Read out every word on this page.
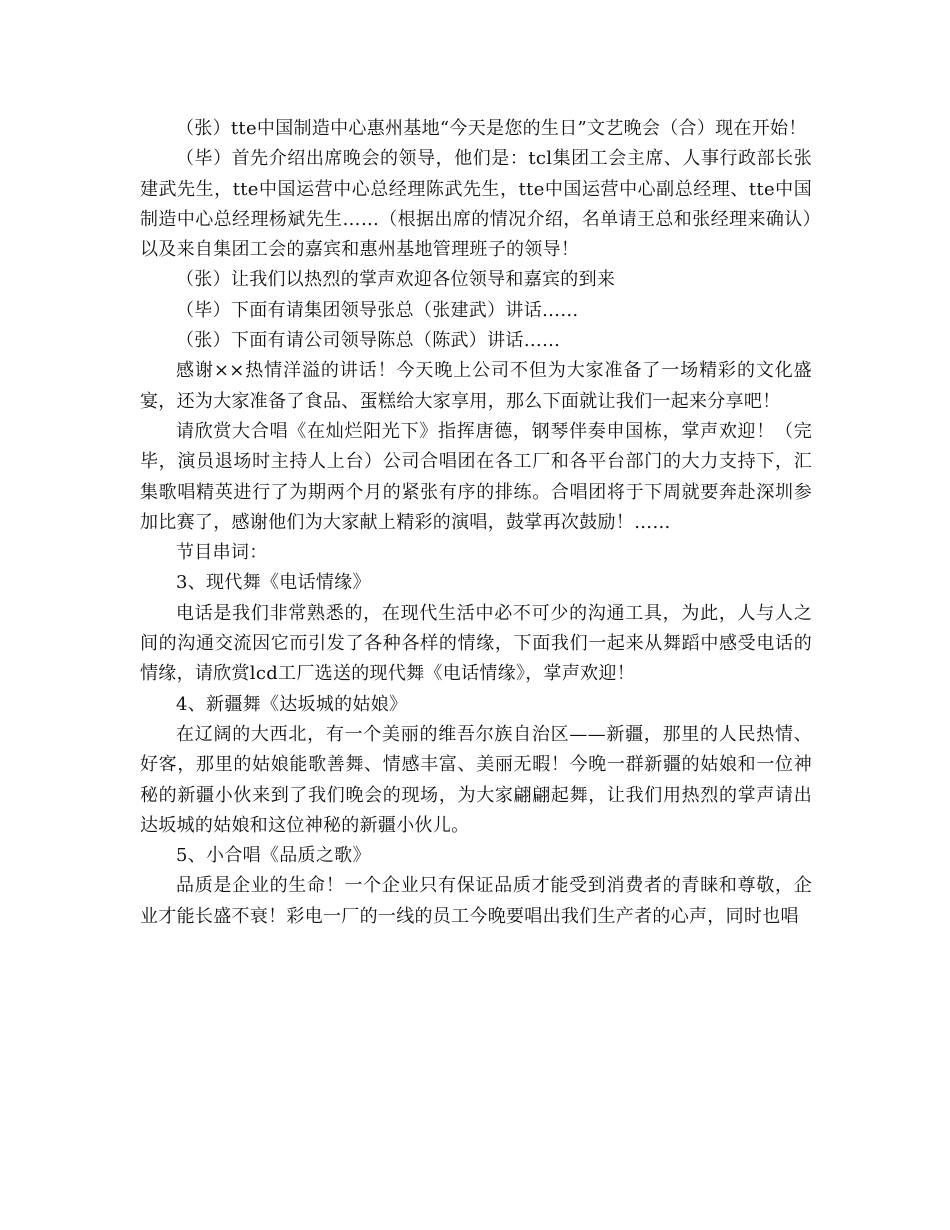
（张）tte中国制造中心惠州基地“今天是您的生日”文艺晚会（合）现在开始！

（毕）首先介绍出席晚会的领导，他们是：tcl集团工会主席、人事行政部长张建武先生，tte中国运营中心总经理陈武先生，tte中国运营中心副总经理、tte中国制造中心总经理杨斌先生……（根据出席的情况介绍，名单请王总和张经理来确认）以及来自集团工会的嘉宾和惠州基地管理班子的领导！

（张）让我们以热烈的掌声欢迎各位领导和嘉宾的到来

（毕）下面有请集团领导张总（张建武）讲话……

（张）下面有请公司领导陈总（陈武）讲话……

感谢××热情洋溢的讲话！今天晚上公司不但为大家准备了一场精彩的文化盛宴，还为大家准备了食品、蛋糕给大家享用，那么下面就让我们一起来分享吧！

请欣赏大合唱《在灿烂阳光下》指挥唐德，钢琴伴奏申国栋，掌声欢迎！（完毕，演员退场时主持人上台）公司合唱团在各工厂和各平台部门的大力支持下，汇集歌唱精英进行了为期两个月的紧张有序的排练。合唱团将于下周就要奔赴深圳参加比赛了，感谢他们为大家献上精彩的演唱，鼓掌再次鼓励！……

节目串词：

3、现代舞《电话情缘》

电话是我们非常熟悉的，在现代生活中必不可少的沟通工具，为此，人与人之间的沟通交流因它而引发了各种各样的情缘，下面我们一起来从舞蹈中感受电话的情缘，请欣赏lcd工厂选送的现代舞《电话情缘》，掌声欢迎！

4、新疆舞《达坂城的姑娘》

在辽阔的大西北，有一个美丽的维吾尔族自治区——新疆，那里的人民热情、好客，那里的姑娘能歌善舞、情感丰富、美丽无暇！今晚一群新疆的姑娘和一位神秘的新疆小伙来到了我们晚会的现场，为大家翩翩起舞，让我们用热烈的掌声请出达坂城的姑娘和这位神秘的新疆小伙儿。

5、小合唱《品质之歌》

品质是企业的生命！一个企业只有保证品质才能受到消费者的青睐和尊敬，企业才能长盛不衰！彩电一厂的一线的员工今晚要唱出我们生产者的心声，同时也唱
